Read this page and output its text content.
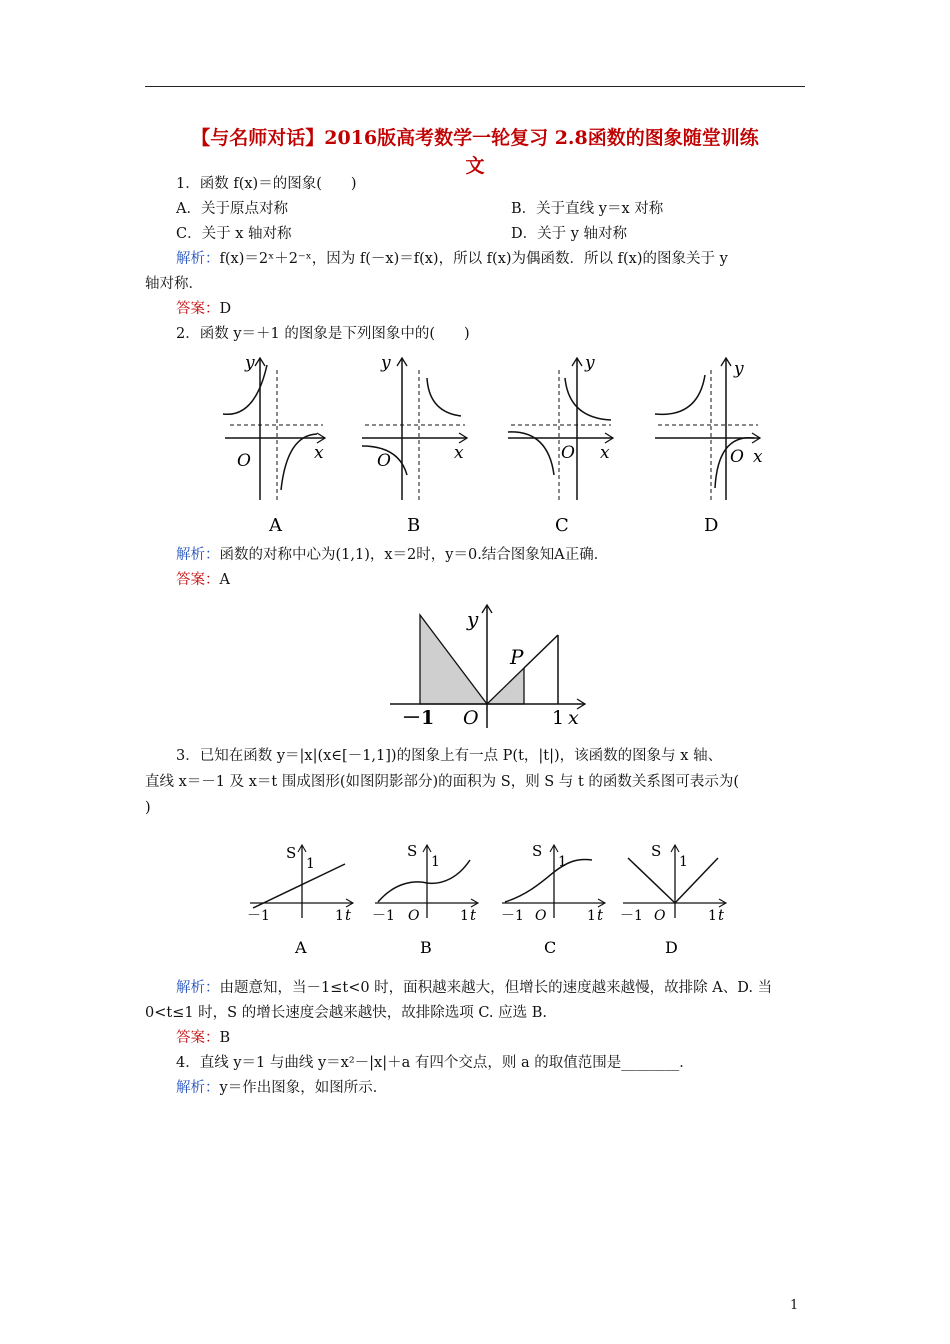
【与名师对话】2016版高考数学一轮复习 2.8函数的图象随堂训练
文
1．函数 f(x)＝的图象(　　)
A．关于原点对称	B．关于直线 y＝x 对称
C．关于 x 轴对称	D．关于 y 轴对称
解析：f(x)＝2ˣ＋2⁻ˣ，因为 f(－x)＝f(x)，所以 f(x)为偶函数．所以 f(x)的图象关于 y
轴对称．
答案：D
2．函数 y＝＋1 的图象是下列图象中的(　　)
y
x
O
A
y
x
O
B
y
x
O
C
y
x
O
D
解析：函数的对称中心为(1,1)，x＝2时，y＝0.结合图象知A正确．
答案：A
y
P
－1 O	1 x
3．已知在函数 y＝|x|(x∈[－1,1])的图象上有一点 P(t，|t|)，该函数的图象与 x 轴、
直线 x＝－1 及 x＝t 围成图形(如图阴影部分)的面积为 S，则 S 与 t 的函数关系图可表示为(
)
S
1
－1	1 t
A
S
1
－1 O	1 t
B
S
1
－1 O	1 t
C
S
1
－1 O	1 t
D
解析：由题意知，当－1≤t<0 时，面积越来越大，但增长的速度越来越慢，故排除 A、D. 当
0<t≤1 时，S 的增长速度会越来越快，故排除选项 C. 应选 B.
答案：B
4．直线 y＝1 与曲线 y＝x²－|x|＋a 有四个交点，则 a 的取值范围是________．
解析：y＝作出图象，如图所示．
1
